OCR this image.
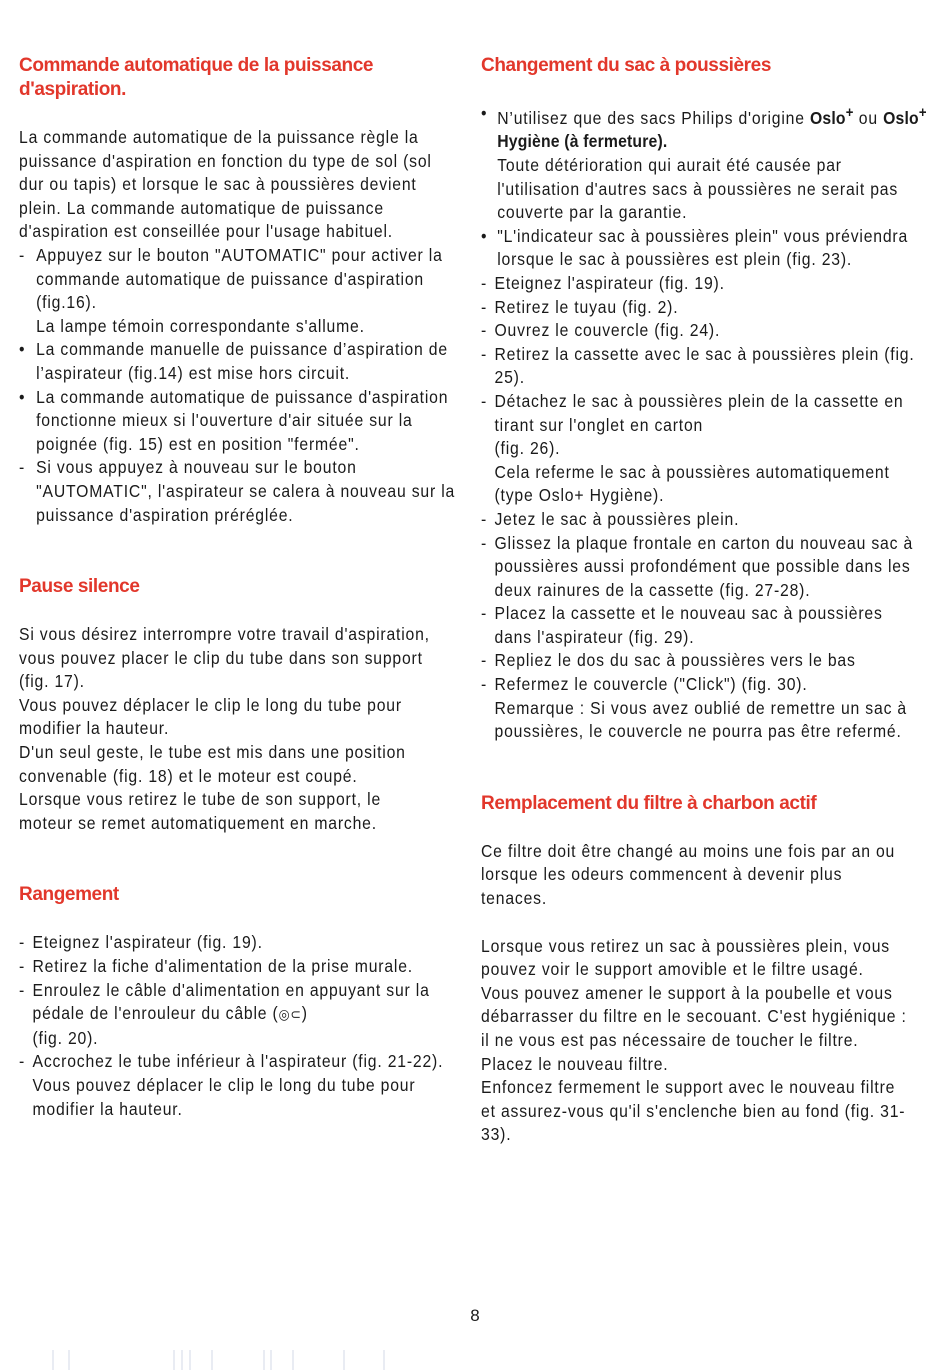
Commande automatique de la puissance d'aspiration.
La commande automatique de la puissance règle la puissance d'aspiration en fonction du type de sol (sol dur ou tapis) et lorsque le sac à poussières devient plein. La commande automatique de puissance d'aspiration est conseillée pour l'usage habituel.
- Appuyez sur le bouton "AUTOMATIC" pour activer la commande automatique de puissance d'aspiration (fig.16).
La lampe témoin correspondante s'allume.
• La commande manuelle de puissance d’aspiration de l’aspirateur (fig.14) est mise hors circuit.
• La commande automatique de puissance d'aspiration fonctionne mieux si l'ouverture d'air située sur la poignée (fig. 15) est en position "fermée".
- Si vous appuyez à nouveau sur le bouton "AUTOMATIC", l'aspirateur se calera à nouveau sur la puissance d'aspiration préréglée.
Pause silence
Si vous désirez interrompre votre travail d'aspiration, vous pouvez placer le clip du tube dans son support (fig. 17).
Vous pouvez déplacer le clip le long du tube pour modifier la hauteur.
D'un seul geste, le tube est mis dans une position convenable (fig. 18) et le moteur est coupé.
Lorsque vous retirez le tube de son support, le moteur se remet automatiquement en marche.
Rangement
- Eteignez l'aspirateur (fig. 19).
- Retirez la fiche d'alimentation de la prise murale.
- Enroulez le câble d'alimentation en appuyant sur la pédale de l'enrouleur du câble (◎⊂)
(fig. 20).
- Accrochez le tube inférieur à l'aspirateur (fig. 21-22). Vous pouvez déplacer le clip le long du tube pour modifier la hauteur.
Changement du sac à poussières
• N’utilisez que des sacs Philips d'origine Oslo+ ou Oslo+ Hygiène (à fermeture).
Toute détérioration qui aurait été causée par l'utilisation d'autres sacs à poussières ne serait pas couverte par la garantie.
• "L'indicateur sac à poussières plein" vous préviendra lorsque le sac à poussières est plein (fig. 23).
- Eteignez l'aspirateur (fig. 19).
- Retirez le tuyau (fig. 2).
- Ouvrez le couvercle (fig. 24).
- Retirez la cassette avec le sac à poussières plein (fig. 25).
- Détachez le sac à poussières plein de la cassette en tirant sur l'onglet en carton
(fig. 26).
Cela referme le sac à poussières automatiquement (type Oslo+ Hygiène).
- Jetez le sac à poussières plein.
- Glissez la plaque frontale en carton du nouveau sac à poussières aussi profondément que possible dans les deux rainures de la cassette (fig. 27-28).
- Placez la cassette et le nouveau sac à poussières dans l'aspirateur (fig. 29).
- Repliez le dos du sac à poussières vers le bas
- Refermez le couvercle ("Click") (fig. 30).
Remarque : Si vous avez oublié de remettre un sac à poussières, le couvercle ne pourra pas être refermé.
Remplacement du filtre à charbon actif
Ce filtre doit être changé au moins une fois par an ou lorsque les odeurs commencent à devenir plus tenaces.
Lorsque vous retirez un sac à poussières plein, vous pouvez voir le support amovible et le filtre usagé.
Vous pouvez amener le support à la poubelle et vous débarrasser du filtre en le secouant. C'est hygiénique : il ne vous est pas nécessaire de toucher le filtre. Placez le nouveau filtre.
Enfoncez fermement le support avec le nouveau filtre et assurez-vous qu'il s'enclenche bien au fond (fig. 31-33).
8
